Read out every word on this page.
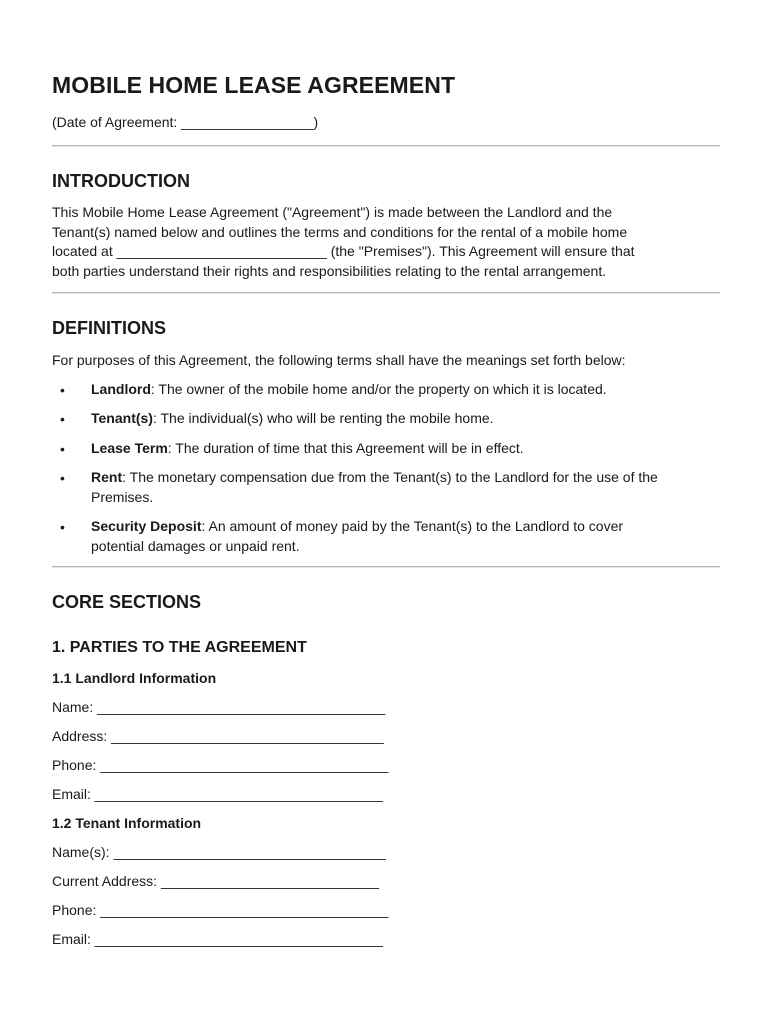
MOBILE HOME LEASE AGREEMENT
(Date of Agreement: _________________)
INTRODUCTION

This Mobile Home Lease Agreement ("Agreement") is made between the Landlord and the
Tenant(s) named below and outlines the terms and conditions for the rental of a mobile home
located at ___________________________ (the "Premises"). This Agreement will ensure that
both parties understand their rights and responsibilities relating to the rental arrangement.

DEFINITIONS

For purposes of this Agreement, the following terms shall have the meanings set forth below:

• Landlord: The owner of the mobile home and/or the property on which it is located.
• Tenant(s): The individual(s) who will be renting the mobile home.
• Lease Term: The duration of time that this Agreement will be in effect.
• Rent: The monetary compensation due from the Tenant(s) to the Landlord for the use of the
Premises.
• Security Deposit: An amount of money paid by the Tenant(s) to the Landlord to cover
potential damages or unpaid rent.
CORE SECTIONS
1. PARTIES TO THE AGREEMENT
1.1 Landlord Information
Name: _____________________________________
Address: ___________________________________
Phone: _____________________________________
Email: _____________________________________
1.2 Tenant Information
Name(s): ___________________________________
Current Address: ____________________________
Phone: _____________________________________
Email: _____________________________________
